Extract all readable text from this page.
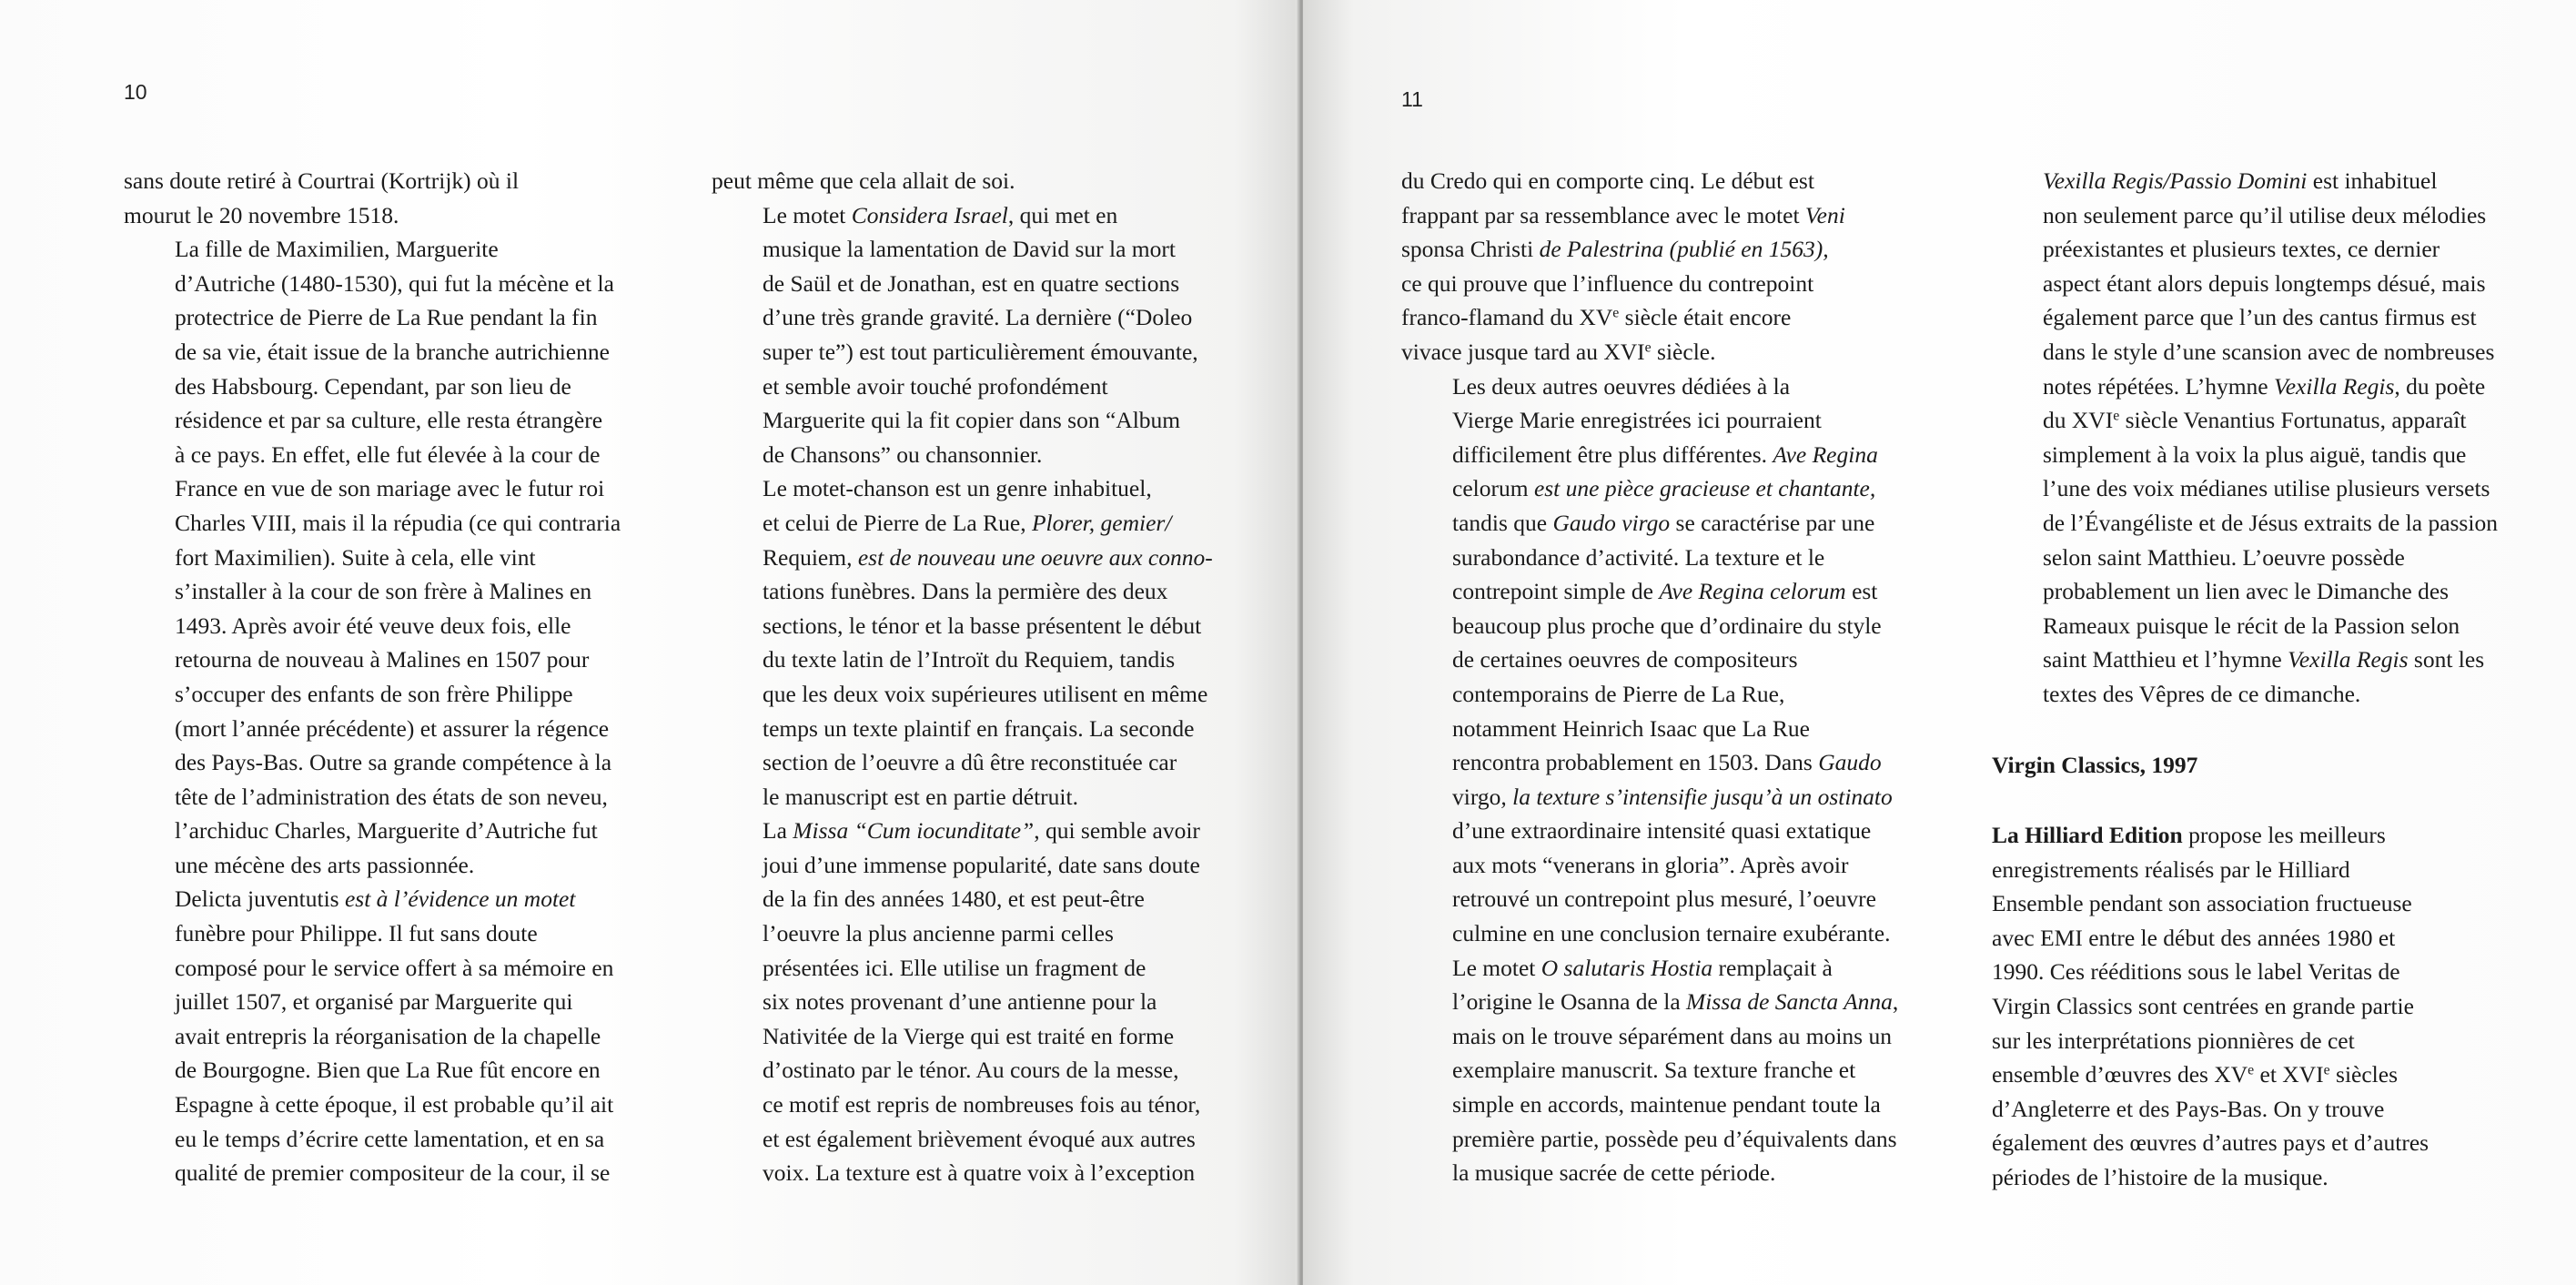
10

sans doute retiré à Courtrai (Kortrijk) où il
mourut le 20 novembre 1518.

La fille de Maximilien, Marguerite
d’Autriche (1480-1530), qui fut la mécène et la
protectrice de Pierre de La Rue pendant la fin
de sa vie, était issue de la branche autrichienne
des Habsbourg. Cependant, par son lieu de
résidence et par sa culture, elle resta étrangère
à ce pays. En effet, elle fut élevée à la cour de
France en vue de son mariage avec le futur roi
Charles VIII, mais il la répudia (ce qui contraria
fort Maximilien). Suite à cela, elle vint
s’installer à la cour de son frère à Malines en
1493. Après avoir été veuve deux fois, elle
retourna de nouveau à Malines en 1507 pour
s’occuper des enfants de son frère Philippe
(mort l’année précédente) et assurer la régence
des Pays-Bas. Outre sa grande compétence à la
tête de l’administration des états de son neveu,
l’archiduc Charles, Marguerite d’Autriche fut
une mécène des arts passionnée.

Delicta juventutis est à l’évidence un motet
funèbre pour Philippe. Il fut sans doute
composé pour le service offert à sa mémoire en
juillet 1507, et organisé par Marguerite qui
avait entrepris la réorganisation de la chapelle
de Bourgogne. Bien que La Rue fût encore en
Espagne à cette époque, il est probable qu’il ait
eu le temps d’écrire cette lamentation, et en sa
qualité de premier compositeur de la cour, il se

peut même que cela allait de soi.

Le motet Considera Israel, qui met en
musique la lamentation de David sur la mort
de Saül et de Jonathan, est en quatre sections
d’une très grande gravité. La dernière (“Doleo
super te”) est tout particulièrement émouvante,
et semble avoir touché profondément
Marguerite qui la fit copier dans son “Album
de Chansons” ou chansonnier.

Le motet-chanson est un genre inhabituel,
et celui de Pierre de La Rue, Plorer, gemier/
Requiem, est de nouveau une oeuvre aux conno-
tations funèbres. Dans la permière des deux
sections, le ténor et la basse présentent le début
du texte latin de l’Introït du Requiem, tandis
que les deux voix supérieures utilisent en même
temps un texte plaintif en français. La seconde
section de l’oeuvre a dû être reconstituée car
le manuscript est en partie détruit.

La Missa “Cum iocunditate”, qui semble avoir
joui d’une immense popularité, date sans doute
de la fin des années 1480, et est peut-être
l’oeuvre la plus ancienne parmi celles
présentées ici. Elle utilise un fragment de
six notes provenant d’une antienne pour la
Nativitée de la Vierge qui est traité en forme
d’ostinato par le ténor. Au cours de la messe,
ce motif est repris de nombreuses fois au ténor,
et est également brièvement évoqué aux autres
voix. La texture est à quatre voix à l’exception

11

du Credo qui en comporte cinq. Le début est
frappant par sa ressemblance avec le motet Veni
sponsa Christi de Palestrina (publié en 1563),
ce qui prouve que l’influence du contrepoint
franco-flamand du XVe siècle était encore
vivace jusque tard au XVIe siècle.

Les deux autres oeuvres dédiées à la
Vierge Marie enregistrées ici pourraient
difficilement être plus différentes. Ave Regina
celorum est une pièce gracieuse et chantante,
tandis que Gaudo virgo se caractérise par une
surabondance d’activité. La texture et le
contrepoint simple de Ave Regina celorum est
beaucoup plus proche que d’ordinaire du style
de certaines oeuvres de compositeurs
contemporains de Pierre de La Rue,
notamment Heinrich Isaac que La Rue
rencontra probablement en 1503. Dans Gaudo
virgo, la texture s’intensifie jusqu’à un ostinato
d’une extraordinaire intensité quasi extatique
aux mots “venerans in gloria”. Après avoir
retrouvé un contrepoint plus mesuré, l’oeuvre
culmine en une conclusion ternaire exubérante.

Le motet O salutaris Hostia remplaçait à
l’origine le Osanna de la Missa de Sancta Anna,
mais on le trouve séparément dans au moins un
exemplaire manuscrit. Sa texture franche et
simple en accords, maintenue pendant toute la
première partie, possède peu d’équivalents dans
la musique sacrée de cette période.

Vexilla Regis/Passio Domini est inhabituel
non seulement parce qu’il utilise deux mélodies
préexistantes et plusieurs textes, ce dernier
aspect étant alors depuis longtemps désué, mais
également parce que l’un des cantus firmus est
dans le style d’une scansion avec de nombreuses
notes répétées. L’hymne Vexilla Regis, du poète
du XVIe siècle Venantius Fortunatus, apparaît
simplement à la voix la plus aiguë, tandis que
l’une des voix médianes utilise plusieurs versets
de l’Évangéliste et de Jésus extraits de la passion
selon saint Matthieu. L’oeuvre possède
probablement un lien avec le Dimanche des
Rameaux puisque le récit de la Passion selon
saint Matthieu et l’hymne Vexilla Regis sont les
textes des Vêpres de ce dimanche.

Virgin Classics, 1997

La Hilliard Edition propose les meilleurs
enregistrements réalisés par le Hilliard
Ensemble pendant son association fructueuse
avec EMI entre le début des années 1980 et
1990. Ces rééditions sous le label Veritas de
Virgin Classics sont centrées en grande partie
sur les interprétations pionnières de cet
ensemble d’œuvres des XVe et XVIe siècles
d’Angleterre et des Pays-Bas. On y trouve
également des œuvres d’autres pays et d’autres
périodes de l’histoire de la musique.
